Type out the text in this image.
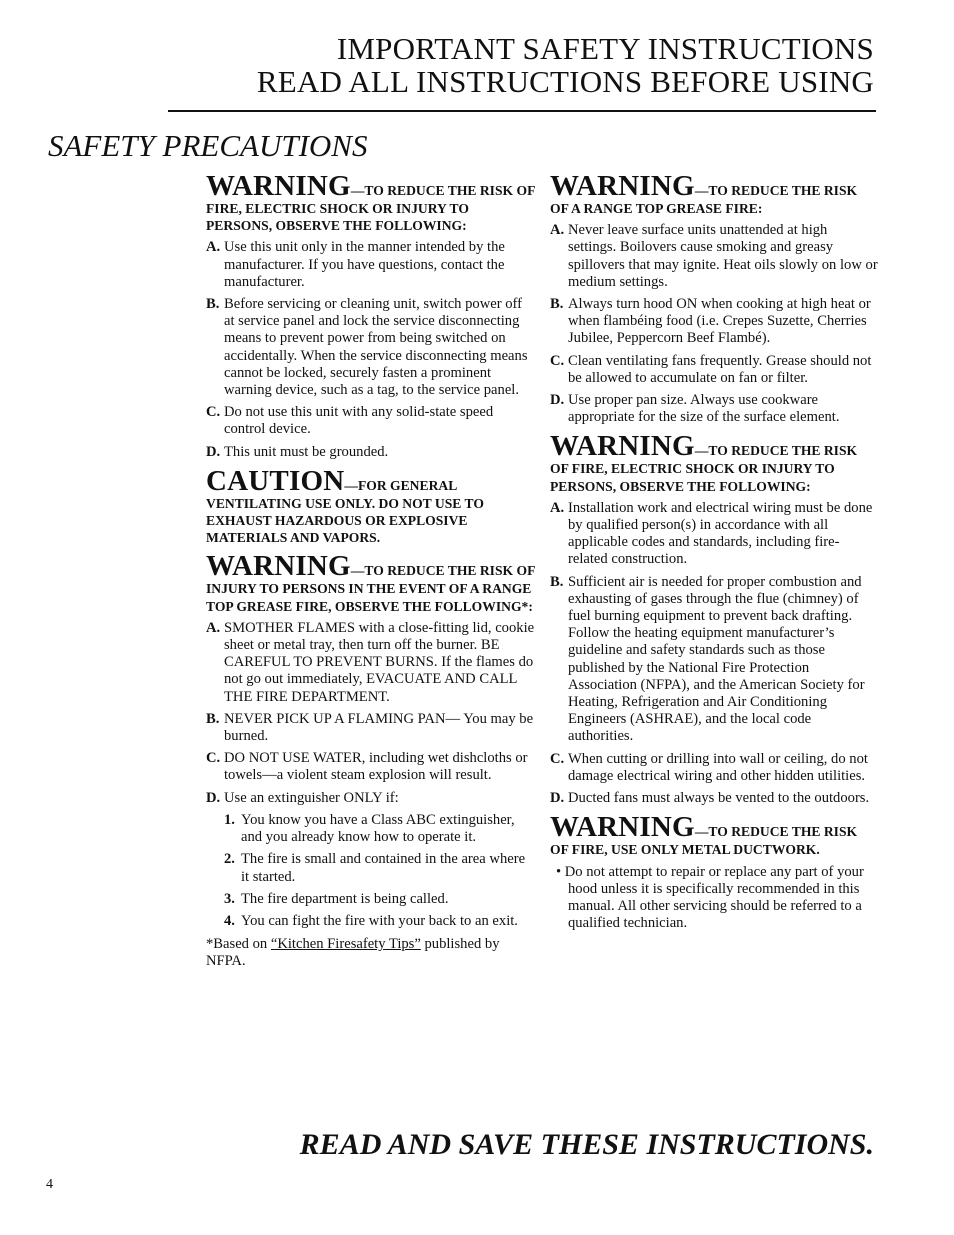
IMPORTANT SAFETY INSTRUCTIONS
READ ALL INSTRUCTIONS BEFORE USING
SAFETY PRECAUTIONS
WARNING—TO REDUCE THE RISK OF FIRE, ELECTRIC SHOCK OR INJURY TO PERSONS, OBSERVE THE FOLLOWING:
A. Use this unit only in the manner intended by the manufacturer. If you have questions, contact the manufacturer.
B. Before servicing or cleaning unit, switch power off at service panel and lock the service disconnecting means to prevent power from being switched on accidentally. When the service disconnecting means cannot be locked, securely fasten a prominent warning device, such as a tag, to the service panel.
C. Do not use this unit with any solid-state speed control device.
D. This unit must be grounded.
CAUTION—FOR GENERAL VENTILATING USE ONLY. DO NOT USE TO EXHAUST HAZARDOUS OR EXPLOSIVE MATERIALS AND VAPORS.
WARNING—TO REDUCE THE RISK OF INJURY TO PERSONS IN THE EVENT OF A RANGE TOP GREASE FIRE, OBSERVE THE FOLLOWING*:
A. SMOTHER FLAMES with a close-fitting lid, cookie sheet or metal tray, then turn off the burner. BE CAREFUL TO PREVENT BURNS. If the flames do not go out immediately, EVACUATE AND CALL THE FIRE DEPARTMENT.
B. NEVER PICK UP A FLAMING PAN— You may be burned.
C. DO NOT USE WATER, including wet dishcloths or towels—a violent steam explosion will result.
D. Use an extinguisher ONLY if:
1. You know you have a Class ABC extinguisher, and you already know how to operate it.
2. The fire is small and contained in the area where it started.
3. The fire department is being called.
4. You can fight the fire with your back to an exit.
*Based on “Kitchen Firesafety Tips” published by NFPA.
WARNING—TO REDUCE THE RISK OF A RANGE TOP GREASE FIRE:
A. Never leave surface units unattended at high settings. Boilovers cause smoking and greasy spillovers that may ignite. Heat oils slowly on low or medium settings.
B. Always turn hood ON when cooking at high heat or when flambéing food (i.e. Crepes Suzette, Cherries Jubilee, Peppercorn Beef Flambé).
C. Clean ventilating fans frequently. Grease should not be allowed to accumulate on fan or filter.
D. Use proper pan size. Always use cookware appropriate for the size of the surface element.
WARNING—TO REDUCE THE RISK OF FIRE, ELECTRIC SHOCK OR INJURY TO PERSONS, OBSERVE THE FOLLOWING:
A. Installation work and electrical wiring must be done by qualified person(s) in accordance with all applicable codes and standards, including fire-related construction.
B. Sufficient air is needed for proper combustion and exhausting of gases through the flue (chimney) of fuel burning equipment to prevent back drafting. Follow the heating equipment manufacturer’s guideline and safety standards such as those published by the National Fire Protection Association (NFPA), and the American Society for Heating, Refrigeration and Air Conditioning Engineers (ASHRAE), and the local code authorities.
C. When cutting or drilling into wall or ceiling, do not damage electrical wiring and other hidden utilities.
D. Ducted fans must always be vented to the outdoors.
WARNING—TO REDUCE THE RISK OF FIRE, USE ONLY METAL DUCTWORK.
• Do not attempt to repair or replace any part of your hood unless it is specifically recommended in this manual. All other servicing should be referred to a qualified technician.
READ AND SAVE THESE INSTRUCTIONS.
4
